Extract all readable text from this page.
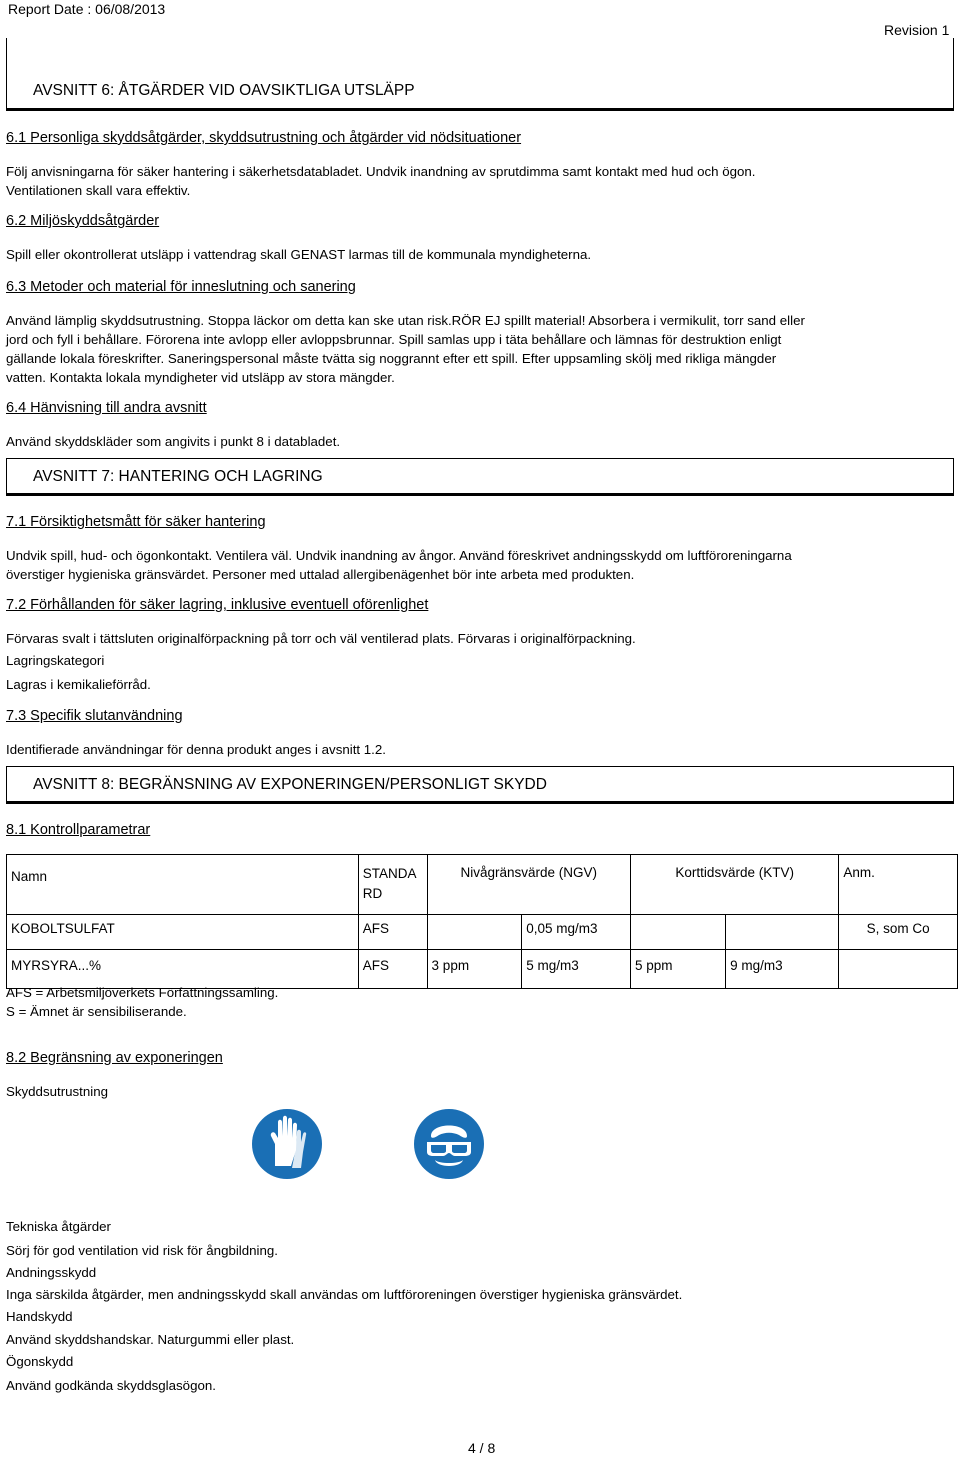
Report Date : 06/08/2013
Revision 1
AVSNITT 6: ÅTGÄRDER VID OAVSIKTLIGA UTSLÄPP
6.1 Personliga skyddsåtgärder, skyddsutrustning och åtgärder vid nödsituationer
Följ anvisningarna för säker hantering i säkerhetsdatabladet. Undvik inandning av sprutdimma samt kontakt med hud och ögon.
Ventilationen skall vara effektiv.
6.2 Miljöskyddsåtgärder
Spill eller okontrollerat utsläpp i vattendrag skall GENAST larmas till de kommunala myndigheterna.
6.3 Metoder och material för inneslutning och sanering
Använd lämplig skyddsutrustning. Stoppa läckor om detta kan ske utan risk.RÖR EJ spillt material! Absorbera i vermikulit, torr sand eller
jord och fyll i behållare. Förorena inte avlopp eller avloppsbrunnar. Spill samlas upp i täta behållare och lämnas för destruktion enligt
gällande lokala föreskrifter. Saneringspersonal måste tvätta sig noggrannt efter ett spill. Efter uppsamling skölj med rikliga mängder
vatten. Kontakta lokala myndigheter vid utsläpp av stora mängder.
6.4 Hänvisning till andra avsnitt
Använd skyddskläder som angivits i punkt 8 i databladet.
AVSNITT 7: HANTERING OCH LAGRING
7.1 Försiktighetsmått för säker hantering
Undvik spill, hud- och ögonkontakt. Ventilera väl. Undvik inandning av ångor. Använd föreskrivet andningsskydd om luftföroreningarna
överstiger hygieniska gränsvärdet. Personer med uttalad allergibenägenhet bör inte arbeta med produkten.
7.2 Förhållanden för säker lagring, inklusive eventuell oförenlighet
Förvaras svalt i tättsluten originalförpackning på torr och väl ventilerad plats. Förvaras i originalförpackning.
Lagringskategori
Lagras i kemikalieförråd.
7.3 Specifik slutanvändning
Identifierade användningar för denna produkt anges i avsnitt 1.2.
AVSNITT 8: BEGRÄNSNING AV EXPONERINGEN/PERSONLIGT SKYDD
8.1 Kontrollparametrar
Namn	STANDARD	Nivågränsvärde (NGV)		Korttidsvärde (KTV)		Anm.
KOBOLTSULFAT	AFS		0,05 mg/m3			S, som Co
MYRSYRA...%	AFS	3 ppm	5 mg/m3	5 ppm	9 mg/m3	
AFS = Arbetsmiljöverkets Författningssamling.
S = Ämnet är sensibiliserande.
8.2 Begränsning av exponeringen
Skyddsutrustning
Tekniska åtgärder
Sörj för god ventilation vid risk för ångbildning.
Andningsskydd
Inga särskilda åtgärder, men andningsskydd skall användas om luftföroreningen överstiger hygieniska gränsvärdet.
Handskydd
Använd skyddshandskar. Naturgummi eller plast.
Ögonskydd
Använd godkända skyddsglasögon.
4 / 8
